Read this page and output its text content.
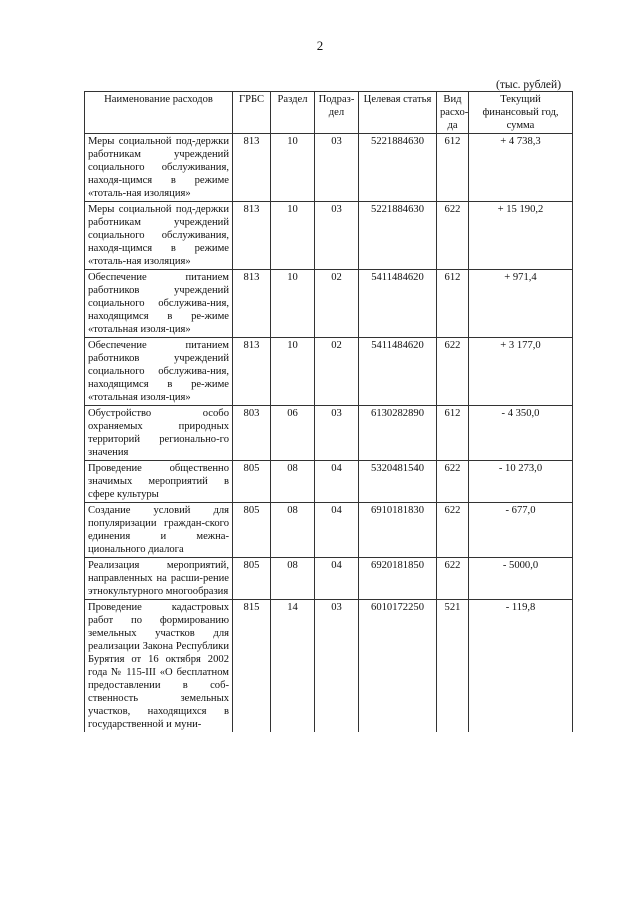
2
(тыс. рублей)
Наименование расходов	ГРБС	Раздел	Подраз-дел	Целевая статья	Вид расхо-да	Текущий финансовый год, сумма
Меры социальной под-держки работникам учреждений социального обслуживания, находя-щимся в режиме «тоталь-ная изоляция»	813	10	03	5221884630	612	+ 4 738,3
Меры социальной под-держки работникам учреждений социального обслуживания, находя-щимся в режиме «тоталь-ная изоляция»	813	10	03	5221884630	622	+ 15 190,2
Обеспечение питанием работников учреждений социального обслужива-ния, находящимся в ре-жиме «тотальная изоля-ция»	813	10	02	5411484620	612	+ 971,4
Обеспечение питанием работников учреждений социального обслужива-ния, находящимся в ре-жиме «тотальная изоля-ция»	813	10	02	5411484620	622	+ 3 177,0
Обустройство особо охраняемых природных территорий регионально-го значения	803	06	03	6130282890	612	- 4 350,0
Проведение общественно значимых мероприятий в сфере культуры	805	08	04	5320481540	622	- 10 273,0
Создание условий для популяризации граждан-ского единения и межна-ционального диалога	805	08	04	6910181830	622	- 677,0
Реализация мероприятий, направленных на расши-рение этнокультурного многообразия	805	08	04	6920181850	622	- 5000,0
Проведение кадастровых работ по формированию земельных участков для реализации Закона Республики Бурятия от 16 октября 2002 года № 115-III «О бесплатном предоставлении в соб-ственность земельных участков, находящихся в государственной и муни-	815	14	03	6010172250	521	- 119,8
